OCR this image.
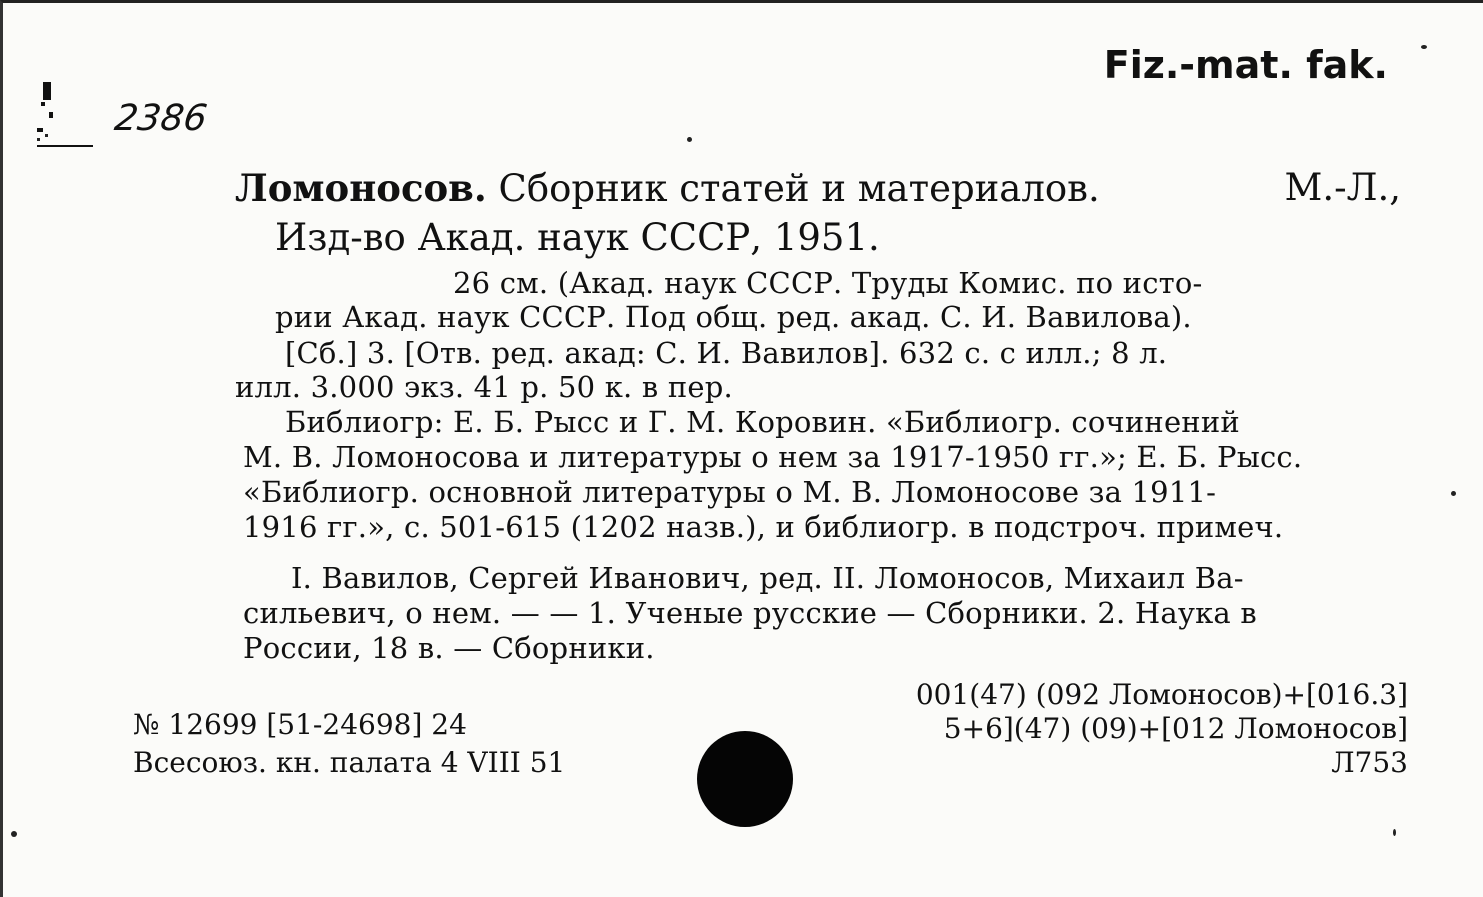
2386
Fiz.-mat. fak.
Ломоносов. Сборник статей и материалов.	М.-Л.,
Изд-во Акад. наук СССР, 1951.
26 см. (Акад. наук СССР. Труды Комис. по исто-
рии Акад. наук СССР. Под общ. ред. акад. С. И. Вавилова).
[Сб.] 3. [Отв. ред. акад: С. И. Вавилов]. 632 с. с илл.; 8 л.
илл. 3.000 экз. 41 р. 50 к. в пер.
Библиогр: Е. Б. Рысс и Г. М. Коровин. «Библиогр. сочинений
М. В. Ломоносова и литературы о нем за 1917-1950 гг.»; Е. Б. Рысс.
«Библиогр. основной литературы о М. В. Ломоносове за 1911-
1916 гг.», с. 501-615 (1202 назв.), и библиогр. в подстроч. примеч.
I. Вавилов, Сергей Иванович, ред. II. Ломоносов, Михаил Ва-
сильевич, о нем. — — 1. Ученые русские — Сборники. 2. Наука в
России, 18 в. — Сборники.
001(47) (092 Ломоносов)+[016.3]
5+6](47) (09)+[012 Ломоносов]
Л753
№ 12699 [51-24698] 24
Всесоюз. кн. палата 4 VIII 51
